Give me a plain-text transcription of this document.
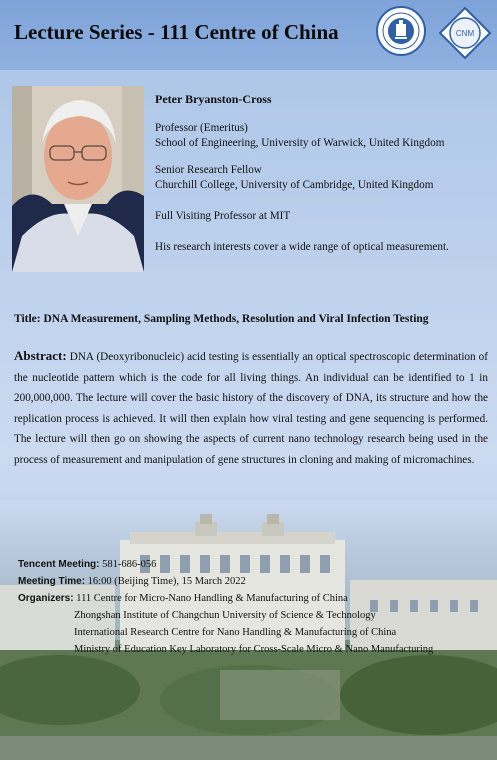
Lecture Series - 111 Centre of China	CNM

Peter Bryanston-Cross

Professor (Emeritus)

School of Engineering, University of Warwick, United Kingdom

Senior Research Fellow

Churchill College, University of Cambridge, United Kingdom

Full Visiting Professor at MIT

His research interests cover a wide range of optical measurement.

Title: DNA Measurement, Sampling Methods, Resolution and Viral Infection Testing
Abstract: DNA (Deoxyribonucleic) acid testing is essentially an optical spectroscopic determination of the nucleotide pattern which is the code for all living things. An individual can be identified to 1 in 200,000,000. The lecture will cover the basic history of the discovery of DNA, its structure and how the replication process is achieved. It will then explain how viral testing and gene sequencing is performed. The lecture will then go on showing the aspects of current nano technology research being used in the process of measurement and manipulation of gene structures in cloning and making of micromachines.
Tencent Meeting: 581-686-056
Meeting Time: 16:00 (Beijing Time), 15 March 2022
Organizers: 111 Centre for Micro-Nano Handling & Manufacturing of China
Zhongshan Institute of Changchun University of Science & Technology
International Research Centre for Nano Handling & Manufacturing of China
Ministry of Education Key Laboratory for Cross-Scale Micro & Nano Manufacturing
